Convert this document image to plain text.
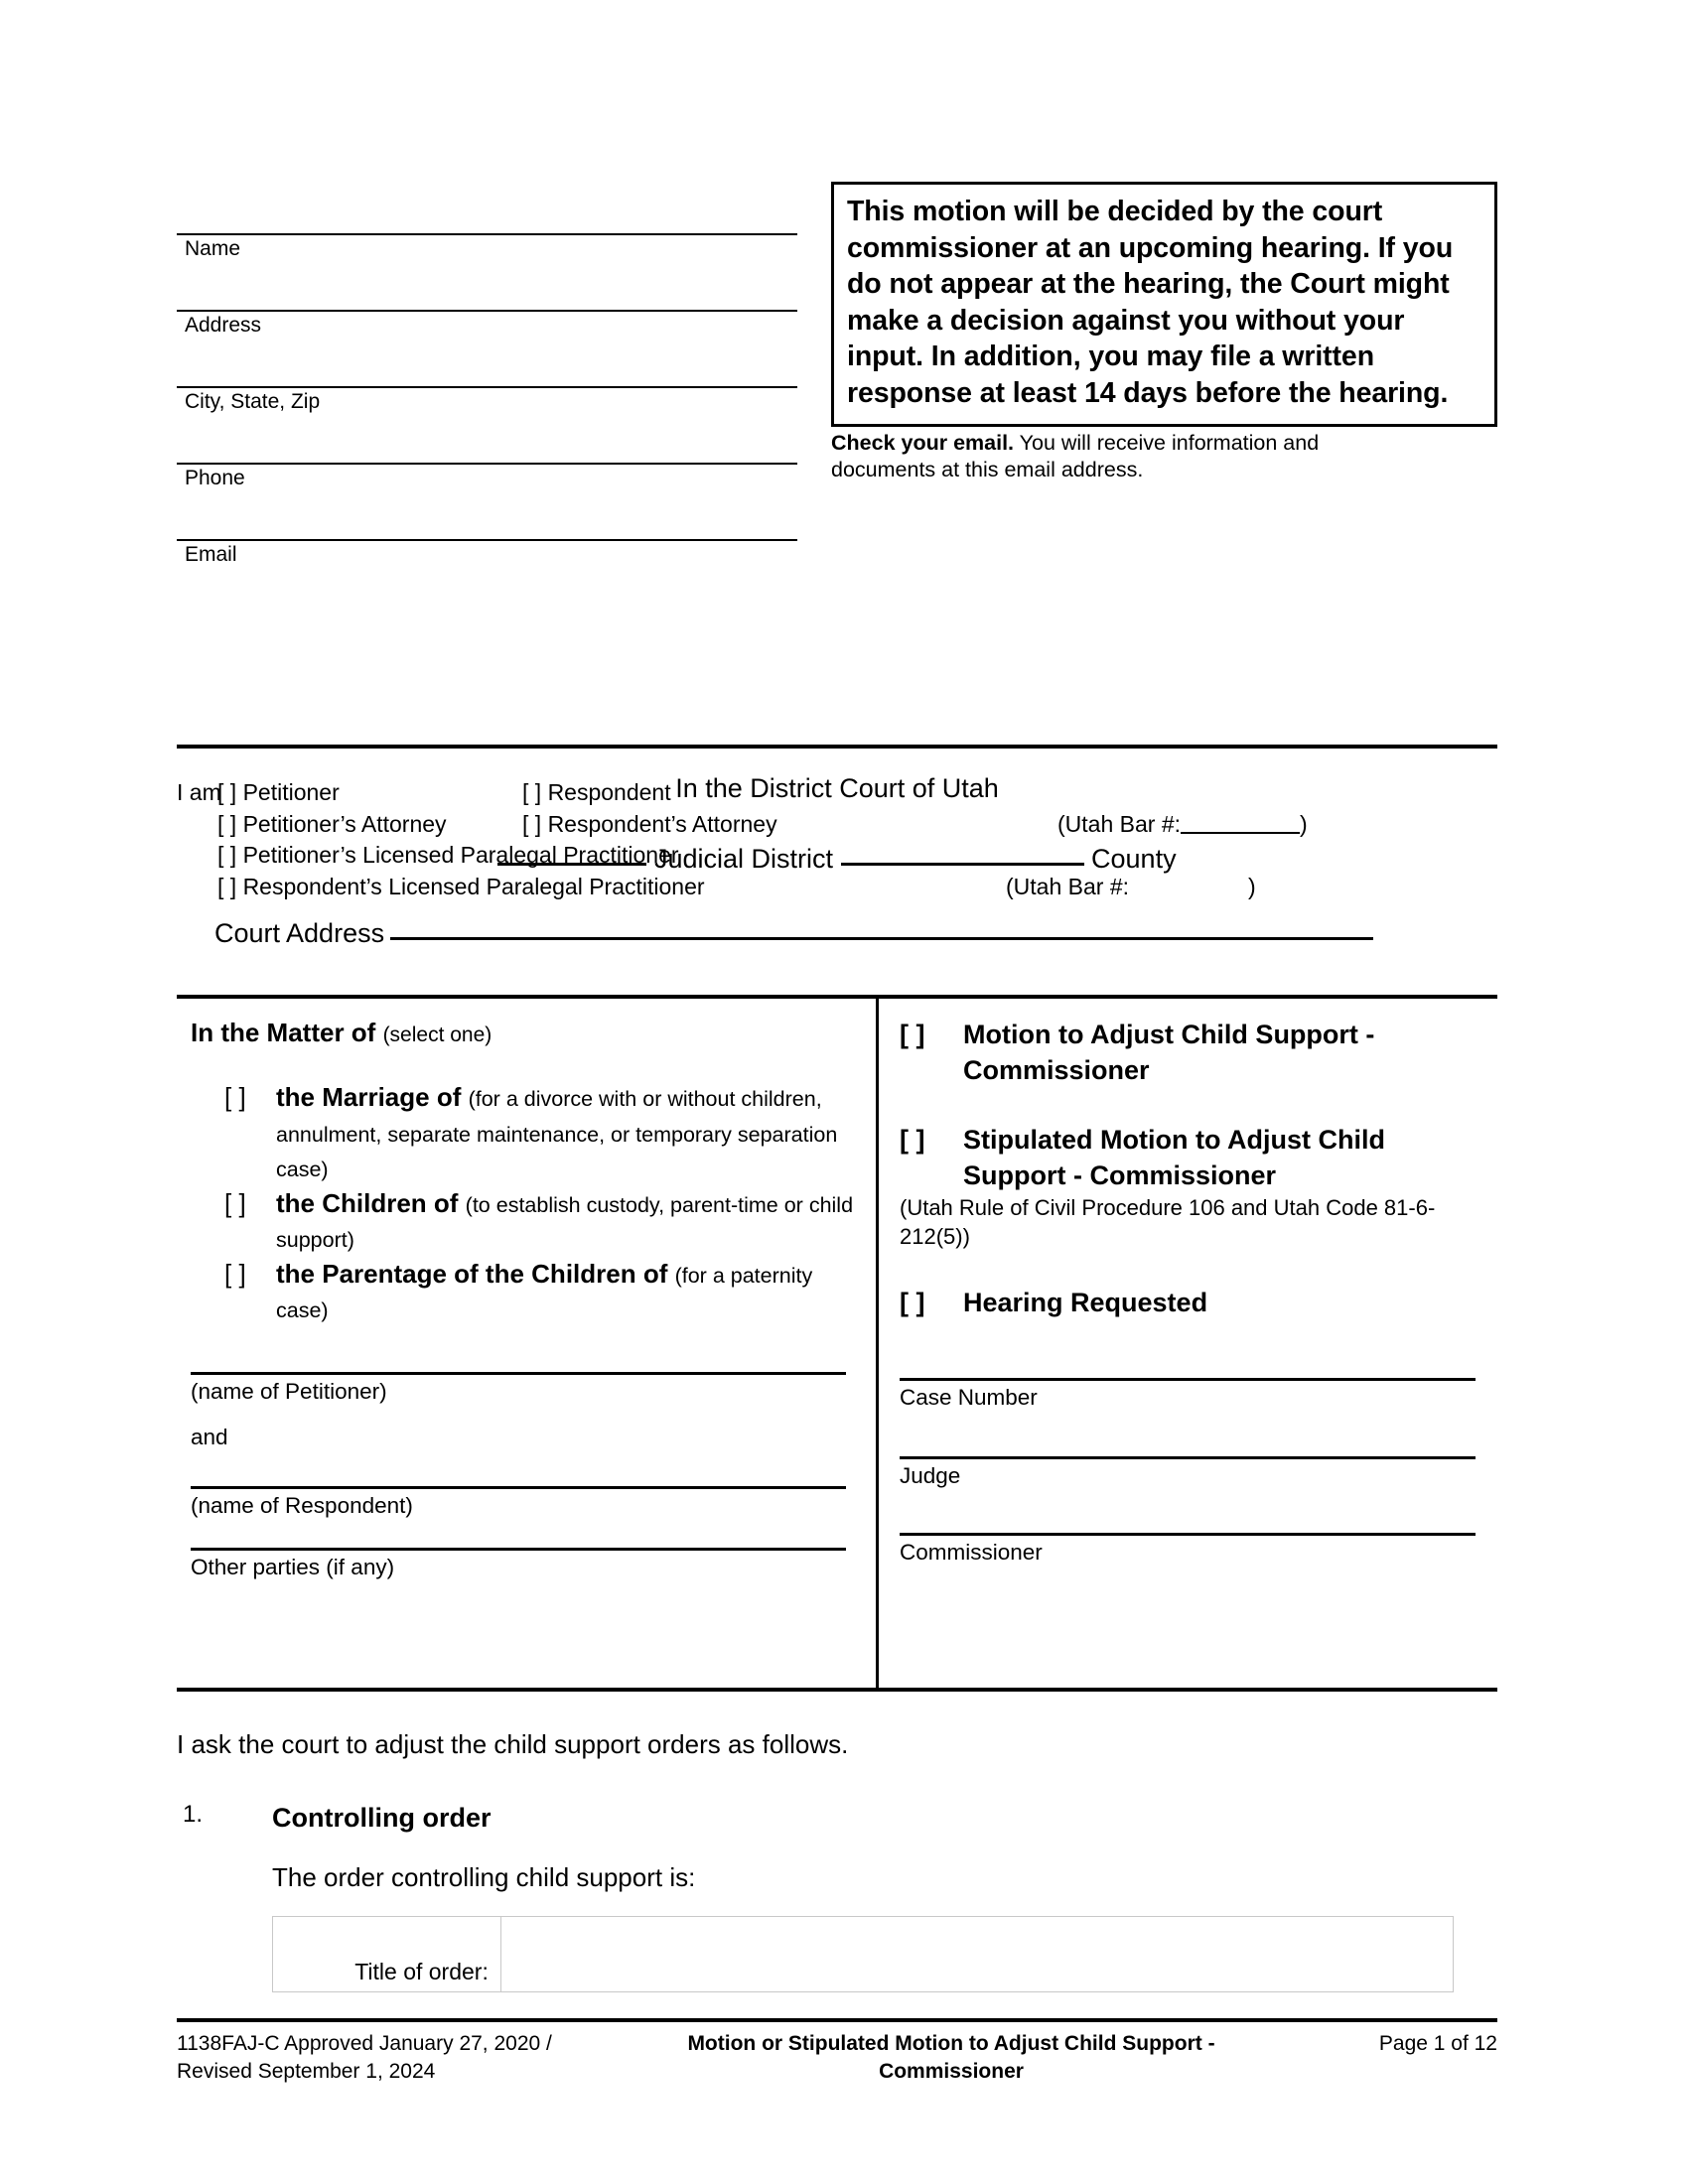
Name
Address
City, State, Zip
Phone
Email
This motion will be decided by the court commissioner at an upcoming hearing. If you do not appear at the hearing, the Court might make a decision against you without your input. In addition, you may file a written response at least 14 days before the hearing.
Check your email. You will receive information and documents at this email address.
I am
[ ] Petitioner	[ ] Respondent
[ ] Petitioner’s Attorney	[ ] Respondent’s Attorney	(Utah Bar #:	)
[ ] Petitioner’s Licensed Paralegal Practitioner
[ ] Respondent’s Licensed Paralegal Practitioner	(Utah Bar #:	)
In the District Court of Utah
Judicial District	County
Court Address
In the Matter of (select one)
[ ] the Marriage of (for a divorce with or without children, annulment, separate maintenance, or temporary separation case)
[ ] the Children of (to establish custody, parent-time or child support)
[ ] the Parentage of the Children of (for a paternity case)
(name of Petitioner)
and
(name of Respondent)
Other parties (if any)
[ ] Motion to Adjust Child Support - Commissioner
[ ] Stipulated Motion to Adjust Child Support - Commissioner
(Utah Rule of Civil Procedure 106 and Utah Code 81-6-212(5))
[ ] Hearing Requested
Case Number
Judge
Commissioner
I ask the court to adjust the child support orders as follows.
1.	Controlling order
The order controlling child support is:
Title of order:	
1138FAJ-C Approved January 27, 2020 / Revised September 1, 2024
Motion or Stipulated Motion to Adjust Child Support - Commissioner
Page 1 of 12
